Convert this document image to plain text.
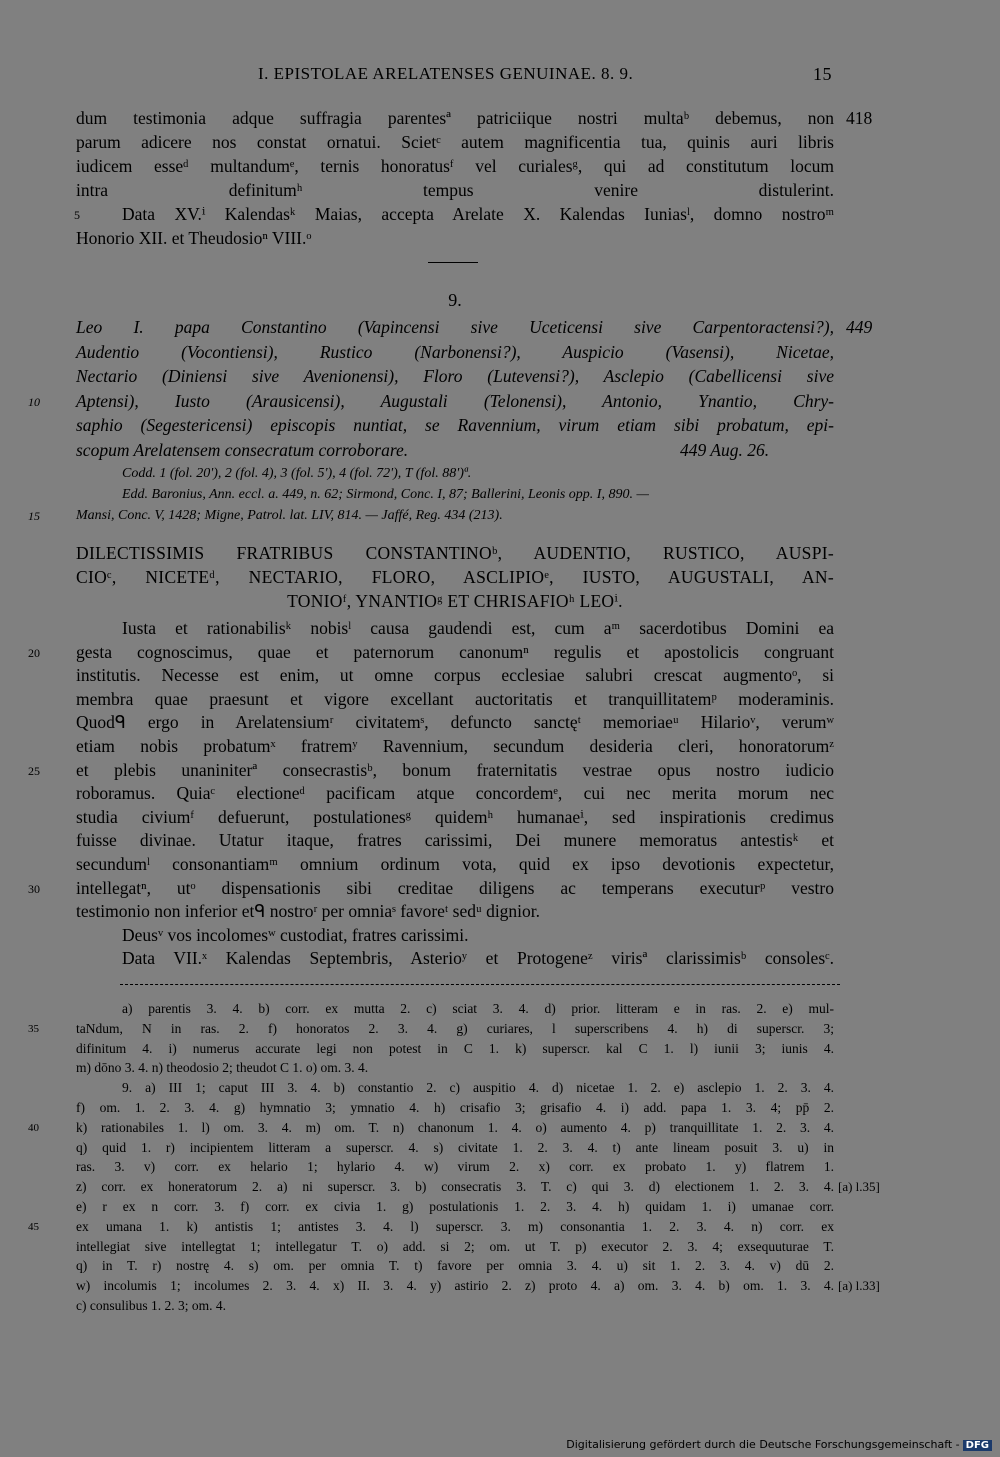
I. EPISTOLAE ARELATENSES GENUINAE. 8. 9.	15
dum testimonia adque suffragia parentesª patriciique nostri multaᵇ debemus, non 418
parum adicere nos constat ornatui. Scietᶜ autem magnificentia tua, quinis auri libris
iudicem esseᵈ multandumᵉ, ternis honoratusᶠ vel curialesᵍ, qui ad constitutum locum
intra definitumʰ tempus venire distulerint.
Data XV.ⁱ Kalendasᵏ Maias, accepta Arelate X. Kalendas Iuniasˡ, domno nostroᵐ
5
Honorio XII. et Theudosioⁿ VIII.ᵒ
9.
Leo I. papa Constantino (Vapincensi sive Uceticensi sive Carpentoractensi?), 449
Audentio (Vocontiensi), Rustico (Narbonensi?), Auspicio (Vasensi), Nicetae,
Nectario (Diniensi sive Avenionensi), Floro (Lutevensi?), Asclepio (Cabellicensi sive
Aptensi), Iusto (Arausicensi), Augustali (Telonensi), Antonio, Ynantio, Chry-
10
saphio (Segestericensi) episcopis nuntiat, se Ravennium, virum etiam sibi probatum, epi-
scopum Arelatensem consecratum corroborare.	449 Aug. 26.
Codd. 1 (fol. 20'), 2 (fol. 4), 3 (fol. 5'), 4 (fol. 72'), T (fol. 88')ª.
Edd. Baronius, Ann. eccl. a. 449, n. 62; Sirmond, Conc. I, 87; Ballerini, Leonis opp. I, 890. —
Mansi, Conc. V, 1428; Migne, Patrol. lat. LIV, 814. — Jaffé, Reg. 434 (213).
15
DILECTISSIMIS FRATRIBUS CONSTANTINOᵇ, AUDENTIO, RUSTICO, AUSPI-
CIOᶜ, NICETEᵈ, NECTARIO, FLORO, ASCLIPIOᵉ, IUSTO, AUGUSTALI, AN-
TONIOᶠ, YNANTIOᵍ ET CHRISAFIOʰ LEOⁱ.
Iusta et rationabilisᵏ nobisˡ causa gaudendi est, cum aᵐ sacerdotibus Domini ea
gesta cognoscimus, quae et paternorum canonumⁿ regulis et apostolicis congruant
20
institutis. Necesse est enim, ut omne corpus ecclesiae salubri crescat augmentoᵒ, si
membra quae praesunt et vigore excellant auctoritatis et tranquillitatemᵖ moderaminis.
Quodᑫ ergo in Arelatensiumʳ civitatemˢ, defuncto sanctęᵗ memoriaeᵘ Hilarioᵛ, verumʷ
etiam nobis probatumˣ fratremʸ Ravennium, secundum desideria cleri, honoratorumᶻ
et plebis unaniniterª consecrastisᵇ, bonum fraternitatis vestrae opus nostro iudicio
25
roboramus. Quiaᶜ electioneᵈ pacificam atque concordemᵉ, cui nec merita morum nec
studia civiumᶠ defuerunt, postulationesᵍ quidemʰ humanaeⁱ, sed inspirationis credimus
fuisse divinae. Utatur itaque, fratres carissimi, Dei munere memoratus antestisᵏ et
secundumˡ consonantiamᵐ omnium ordinum vota, quid ex ipso devotionis expectetur,
intellegatⁿ, utᵒ dispensationis sibi creditae diligens ac temperans executurᵖ vestro
30
testimonio non inferior etᑫ nostroʳ per omniaˢ favoreᵗ sedᵘ dignior.
Deusᵛ vos incolomesʷ custodiat, fratres carissimi.
Data VII.ˣ Kalendas Septembris, Asterioʸ et Protogeneᶻ virisª clarissimisᵇ consolesᶜ.
a) parentis 3. 4. b) corr. ex mutta 2. c) sciat 3. 4. d) prior. litteram e in ras. 2. e) mul-
taNdum, N in ras. 2. f) honoratos 2. 3. 4. g) curiares, l superscribens 4. h) di superscr. 3;
35
difinitum 4. i) numerus accurate legi non potest in C 1. k) superscr. kal C 1. l) iunii 3; iunis 4.
m) dōno 3. 4. n) theodosio 2; theudot C 1. o) om. 3. 4.
9. a) III 1; caput III 3. 4. b) constantio 2. c) auspitio 4. d) nicetae 1. 2. e) asclepio 1. 2. 3. 4.
f) om. 1. 2. 3. 4. g) hymnatio 3; ymnatio 4. h) crisafio 3; grisafio 4. i) add. papa 1. 3. 4; pp̄ 2.
k) rationabiles 1. l) om. 3. 4. m) om. T. n) chanonum 1. 4. o) aumento 4. p) tranquillitate 1. 2. 3. 4.
40
q) quid 1. r) incipientem litteram a superscr. 4. s) civitate 1. 2. 3. 4. t) ante lineam posuit 3. u) in
ras. 3. v) corr. ex helario 1; hylario 4. w) virum 2. x) corr. ex probato 1. y) flatrem 1.
z) corr. ex honeratorum 2. a) ni superscr. 3. b) consecratis 3. T. c) qui 3. d) electionem 1. 2. 3. 4. [a) l.35]
e) r ex n corr. 3. f) corr. ex civia 1. g) postulationis 1. 2. 3. 4. h) quidam 1. i) umanae corr.
ex umana 1. k) antistis 1; antistes 3. 4. l) superscr. 3. m) consonantia 1. 2. 3. 4. n) corr. ex
45
intellegiat sive intellegtat 1; intellegatur T. o) add. si 2; om. ut T. p) executor 2. 3. 4; exsequuturae T.
q) in T. r) nostrę 4. s) om. per omnia T. t) favore per omnia 3. 4. u) sit 1. 2. 3. 4. v) dū 2.
w) incolumis 1; incolumes 2. 3. 4. x) II. 3. 4. y) astirio 2. z) proto 4. a) om. 3. 4. b) om. 1. 3. 4. [a) l.33]
c) consulibus 1. 2. 3; om. 4.
Digitalisierung gefördert durch die Deutsche Forschungsgemeinschaft - DFG
